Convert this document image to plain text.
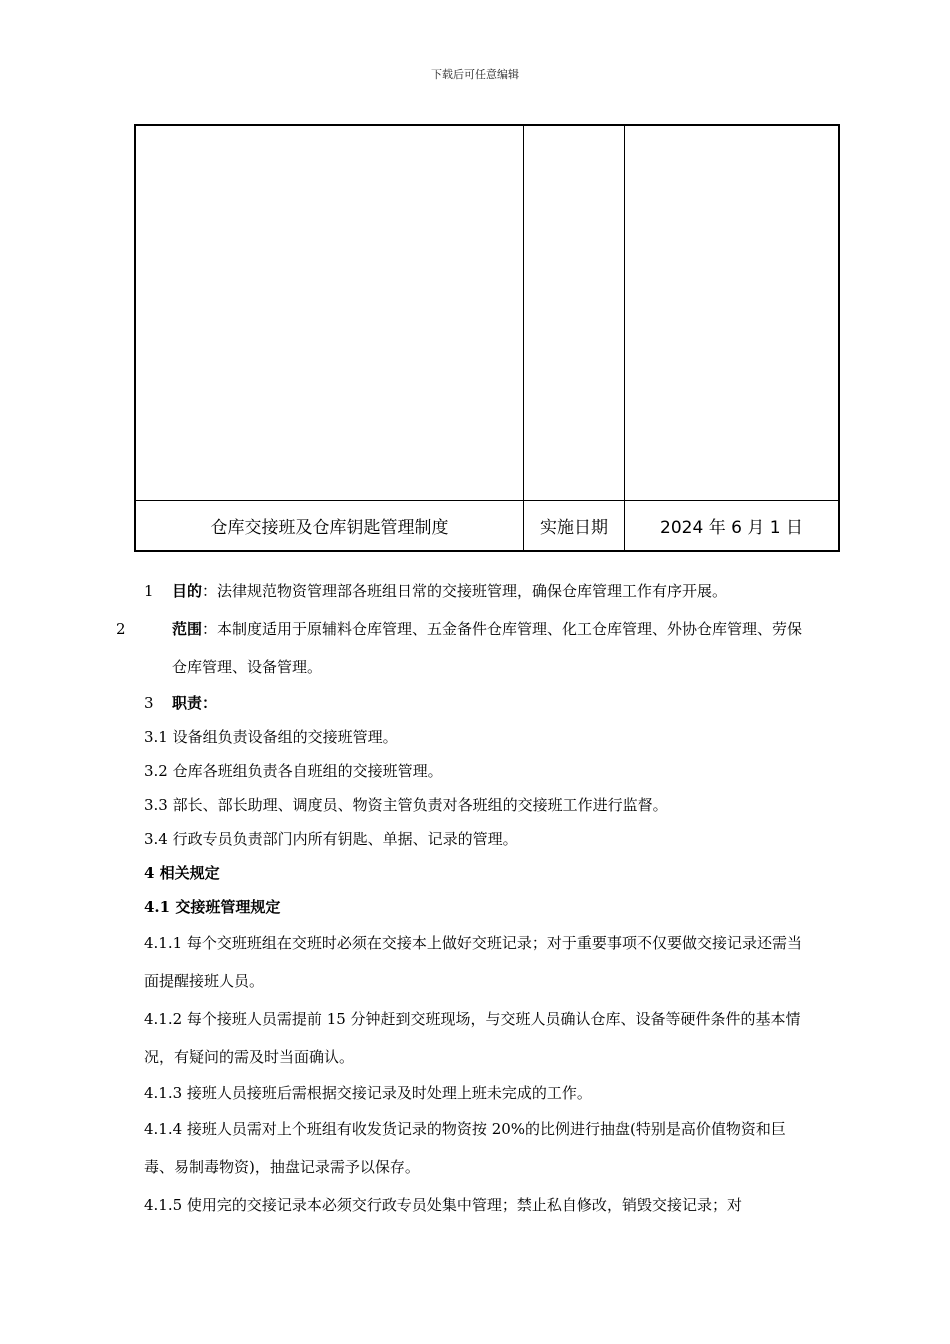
下载后可任意编辑
仓库交接班及仓库钥匙管理制度	实施日期	2024 年 6 月 1 日

1 目的：法律规范物资管理部各班组日常的交接班管理，确保仓库管理工作有序开展。

2	范围：本制度适用于原辅料仓库管理、五金备件仓库管理、化工仓库管理、外协仓库管理、劳保仓库管理、设备管理。

3 职责：

3.1 设备组负责设备组的交接班管理。

3.2 仓库各班组负责各自班组的交接班管理。

3.3 部长、部长助理、调度员、物资主管负责对各班组的交接班工作进行监督。

3.4 行政专员负责部门内所有钥匙、单据、记录的管理。

4 相关规定

4.1 交接班管理规定

4.1.1 每个交班班组在交班时必须在交接本上做好交班记录；对于重要事项不仅要做交接记录还需当面提醒接班人员。

4.1.2 每个接班人员需提前 15 分钟赶到交班现场，与交班人员确认仓库、设备等硬件条件的基本情况，有疑问的需及时当面确认。

4.1.3 接班人员接班后需根据交接记录及时处理上班未完成的工作。

4.1.4 接班人员需对上个班组有收发货记录的物资按 20%的比例进行抽盘(特别是高价值物资和巨毒、易制毒物资)，抽盘记录需予以保存。

4.1.5 使用完的交接记录本必须交行政专员处集中管理；禁止私自修改，销毁交接记录；对
